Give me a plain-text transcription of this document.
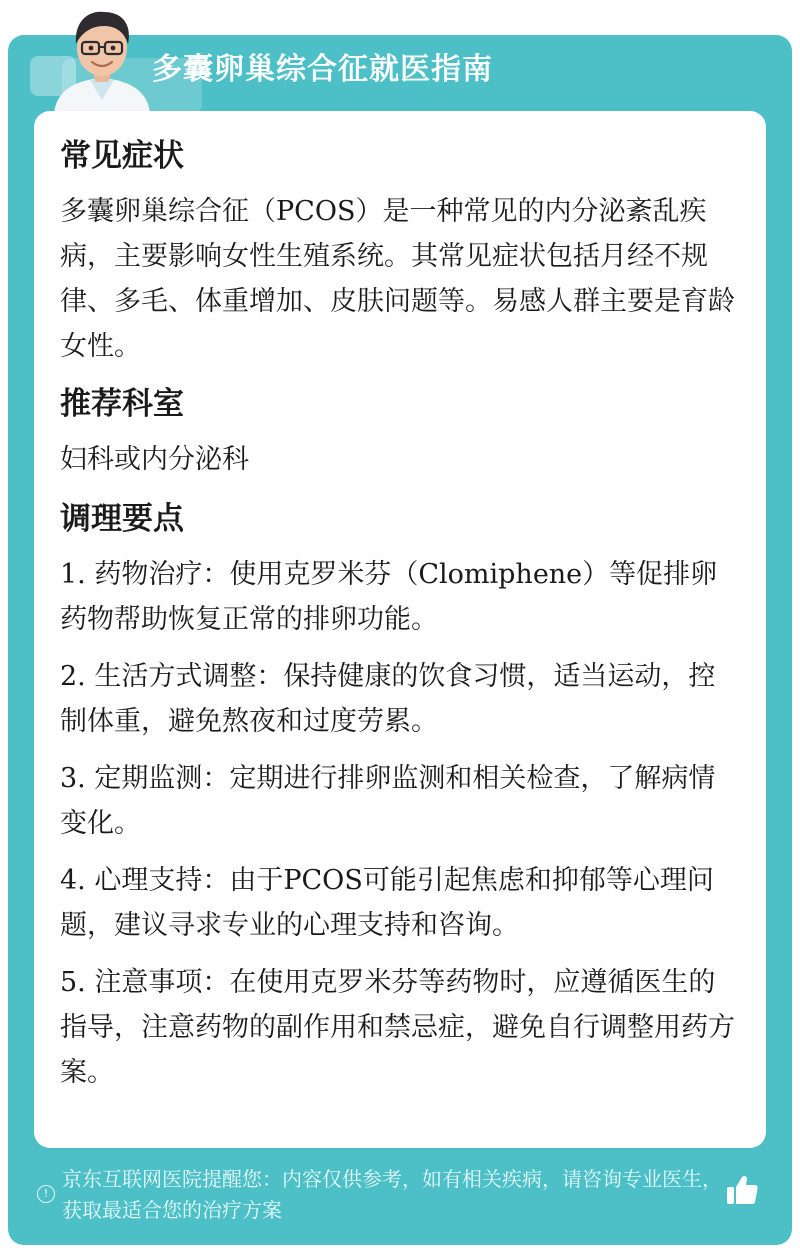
多囊卵巢综合征就医指南
常见症状

多囊卵巢综合征（PCOS）是一种常见的内分泌紊乱疾病，主要影响女性生殖系统。其常见症状包括月经不规律、多毛、体重增加、皮肤问题等。易感人群主要是育龄女性。

推荐科室

妇科或内分泌科

调理要点

1. 药物治疗：使用克罗米芬（Clomiphene）等促排卵药物帮助恢复正常的排卵功能。

2. 生活方式调整：保持健康的饮食习惯，适当运动，控制体重，避免熬夜和过度劳累。

3. 定期监测：定期进行排卵监测和相关检查，了解病情变化。

4. 心理支持：由于PCOS可能引起焦虑和抑郁等心理问题，建议寻求专业的心理支持和咨询。

5. 注意事项：在使用克罗米芬等药物时，应遵循医生的指导，注意药物的副作用和禁忌症，避免自行调整用药方案。

!
京东互联网医院提醒您：内容仅供参考，如有相关疾病，请咨询专业医生，获取最适合您的治疗方案
